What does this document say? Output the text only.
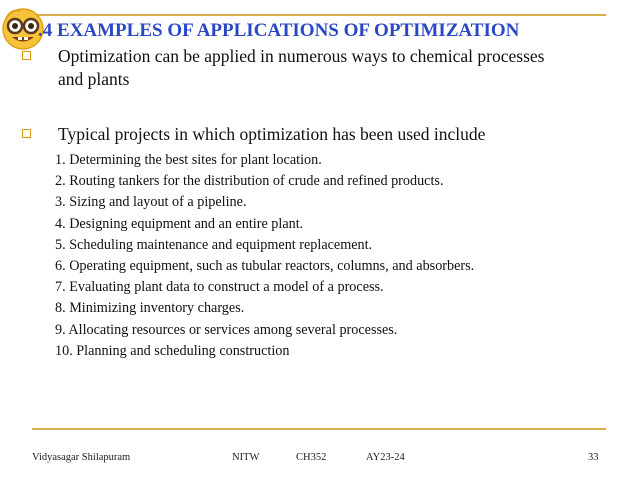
.4 EXAMPLES OF APPLICATIONS OF OPTIMIZATION
Optimization can be applied in numerous ways to chemical processes
and plants
Typical projects in which optimization has been used include
1. Determining the best sites for plant location.
2. Routing tankers for the distribution of crude and refined products.
3. Sizing and layout of a pipeline.
4. Designing equipment and an entire plant.
5. Scheduling maintenance and equipment replacement.
6. Operating equipment, such as tubular reactors, columns, and absorbers.
7. Evaluating plant data to construct a model of a process.
8. Minimizing inventory charges.
9. Allocating resources or services among several processes.
10. Planning and scheduling construction
Vidyasagar Shilapuram	NITW	CH352	AY23-24	33
